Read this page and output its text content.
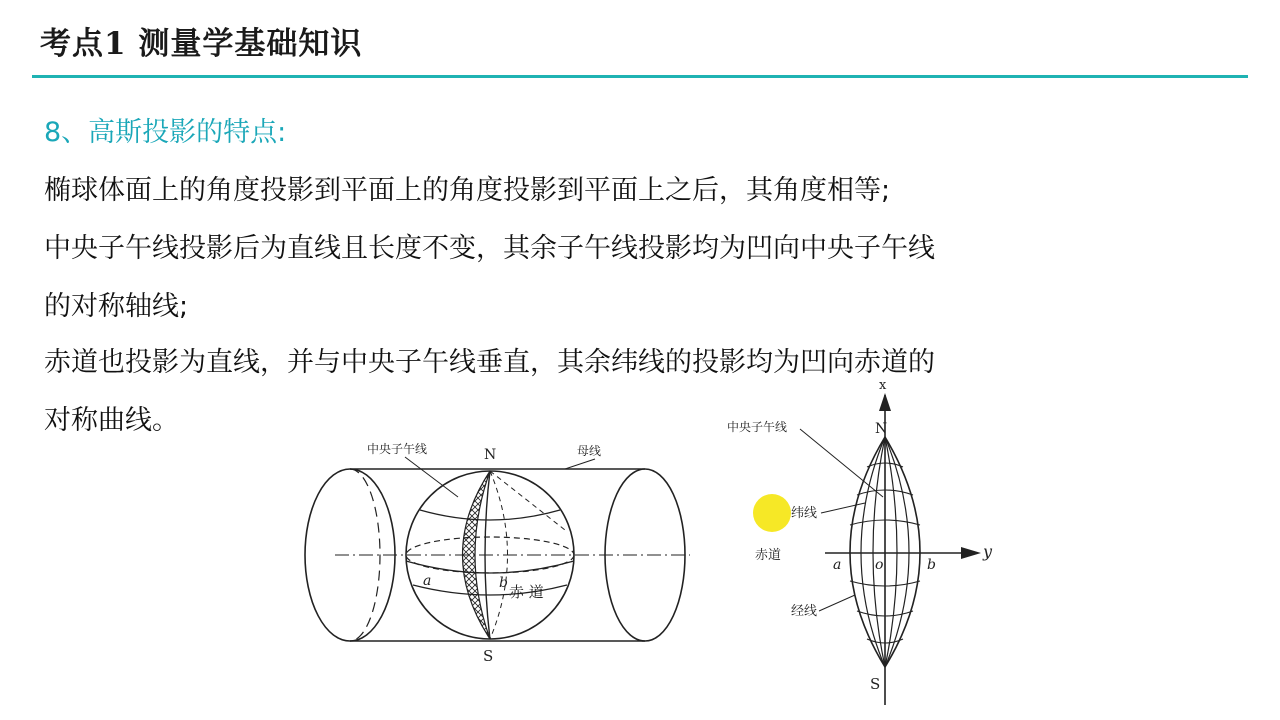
考点1 测量学基础知识
8、高斯投影的特点:
椭球体面上的角度投影到平面上的角度投影到平面上之后，其角度相等;
中央子午线投影后为直线且长度不变，其余子午线投影均为凹向中央子午线
的对称轴线;
赤道也投影为直线，并与中央子午线垂直，其余纬线的投影均为凹向赤道的
对称曲线。
中央子午线	N	母线
a	b 赤 道
S
x
N
中央子午线
纬线
赤道
a o	b
y
经线
S
